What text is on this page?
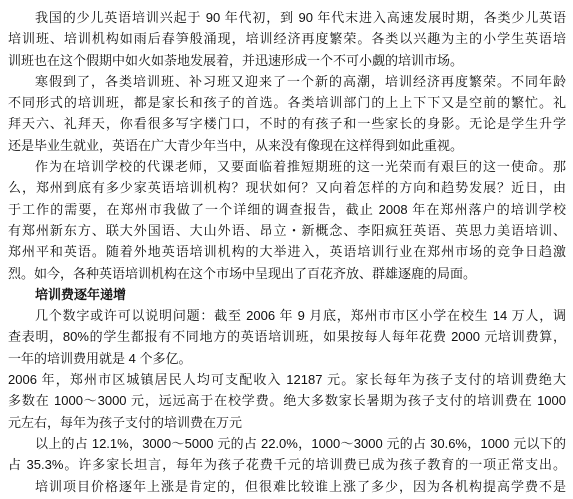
我国的少儿英语培训兴起于 90 年代初，到 90 年代末进入高速发展时期，各类少儿英语
培训班、培训机构如雨后春笋般涌现，培训经济再度繁荣。各类以兴趣为主的小学生英语培
训班也在这个假期中如火如荼地发展着，并迅速形成一个不可小觑的培训市场。
寒假到了，各类培训班、补习班又迎来了一个新的高潮，培训经济再度繁荣。不同年龄
不同形式的培训班，都是家长和孩子的首选。各类培训部门的上上下下又是空前的繁忙。礼
拜天六、礼拜天，你看很多写字楼门口，不时的有孩子和一些家长的身影。无论是学生升学
还是毕业生就业，英语在广大青少年当中，从来没有像现在这样得到如此重视。
作为在培训学校的代课老师，又要面临着推短期班的这一光荣而有艰巨的这一使命。那
么，郑州到底有多少家英语培训机构？现状如何？又向着怎样的方向和趋势发展？近日，由
于工作的需要，在郑州市我做了一个详细的调查报告，截止 2008 年在郑州落户的培训学校
有郑州新东方、联大外国语、大山外语、昂立・新概念、李阳疯狂英语、英思力美语培训、
郑州平和英语。随着外地英语培训机构的大举进入，英语培训行业在郑州市场的竞争日趋激
烈。如今，各种英语培训机构在这个市场中呈现出了百花齐放、群雄逐鹿的局面。
培训费逐年递增
几个数字或许可以说明问题：截至 2006 年 9 月底，郑州市市区小学在校生 14 万人，调
查表明，80%的学生都报有不同地方的英语培训班，如果按每人每年花费 2000 元培训费算，
一年的培训费用就是 4 个多亿。
2006 年，郑州市区城镇居民人均可支配收入 12187 元。家长每年为孩子支付的培训费绝大
多数在 1000～3000 元，远远高于在校学费。绝大多数家长暑期为孩子支付的培训费在 1000
元左右，每年为孩子支付的培训费在万元
以上的占 12.1%，3000～5000 元的占 22.0%，1000～3000 元的占 30.6%，1000 元以下的
占 35.3%。许多家长坦言，每年为孩子花费千元的培训费已成为孩子教育的一项正常支出。
培训项目价格逐年上涨是肯定的，但很难比较谁上涨了多少，因为各机构提高学费不是
